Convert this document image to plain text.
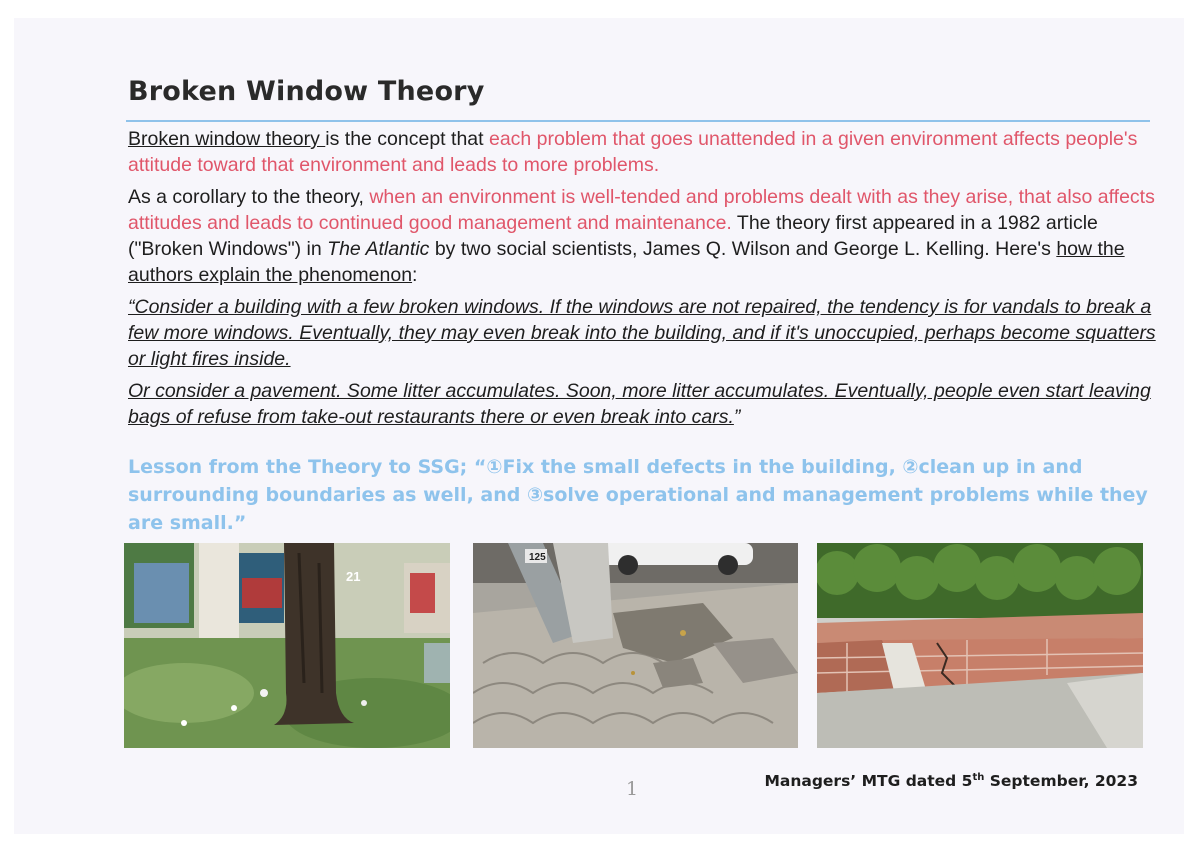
Broken Window Theory

Broken window theory is the concept that each problem that goes unattended in a given environment affects people's attitude toward that environment and leads to more problems.

As a corollary to the theory, when an environment is well-tended and problems dealt with as they arise, that also affects attitudes and leads to continued good management and maintenance. The theory first appeared in a 1982 article ("Broken Windows") in The Atlantic by two social scientists, James Q. Wilson and George L. Kelling. Here's how the authors explain the phenomenon:

“Consider a building with a few broken windows. If the windows are not repaired, the tendency is for vandals to break a few more windows. Eventually, they may even break into the building, and if it's unoccupied, perhaps become squatters or light fires inside.

Or consider a pavement. Some litter accumulates. Soon, more litter accumulates. Eventually, people even start leaving bags of refuse from take-out restaurants there or even break into cars.”

Lesson from the Theory to SSG; “①Fix the small defects in the building, ②clean up in and surrounding boundaries as well, and ③solve operational and management problems while they are small.”
21
125
1	Managers’ MTG dated 5th September, 2023
